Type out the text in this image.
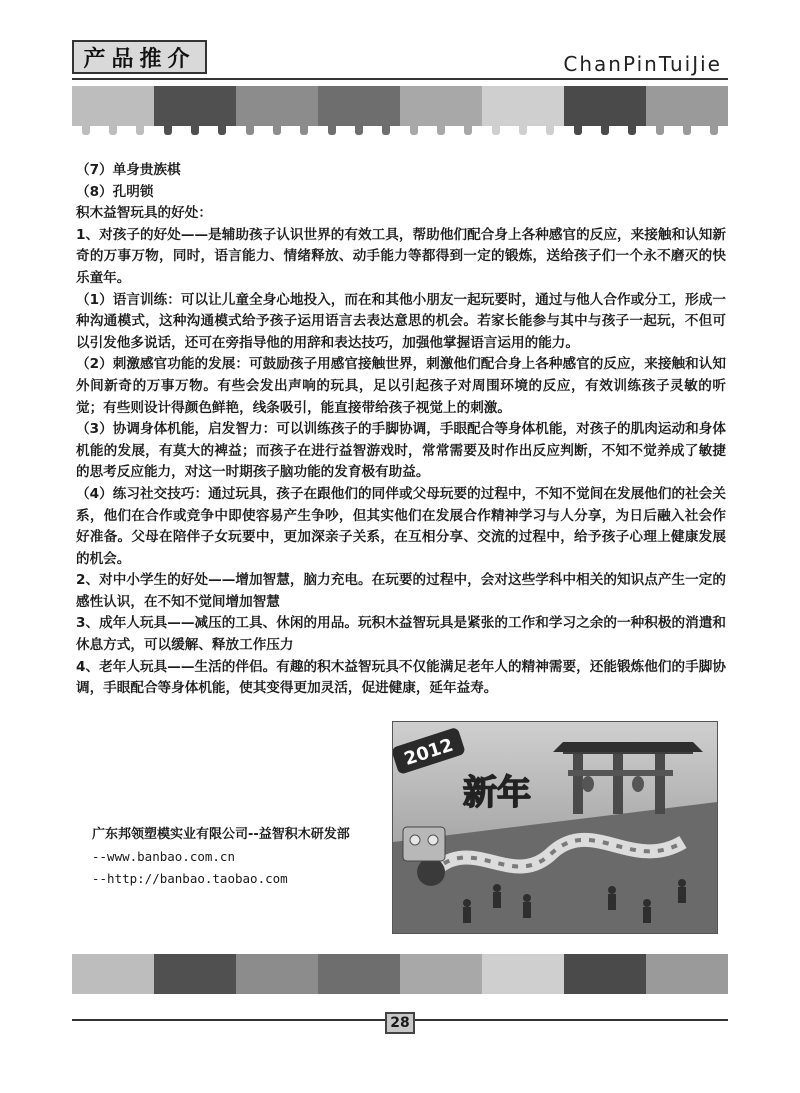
产品推介	ChanPinTuiJie

（7）单身贵族棋

（8）孔明锁

积木益智玩具的好处：

1、对孩子的好处——是辅助孩子认识世界的有效工具，帮助他们配合身上各种感官的反应，来接触和认知新奇的万事万物，同时，语言能力、情绪释放、动手能力等都得到一定的锻炼，送给孩子们一个永不磨灭的快乐童年。

（1）语言训练：可以让儿童全身心地投入，而在和其他小朋友一起玩要时，通过与他人合作或分工，形成一种沟通模式，这种沟通模式给予孩子运用语言去表达意思的机会。若家长能参与其中与孩子一起玩，不但可以引发他多说话，还可在旁指导他的用辞和表达技巧，加强他掌握语言运用的能力。

（2）刺激感官功能的发展：可鼓励孩子用感官接触世界，刺激他们配合身上各种感官的反应，来接触和认知外间新奇的万事万物。有些会发出声响的玩具，足以引起孩子对周围环境的反应，有效训练孩子灵敏的听觉；有些则设计得颜色鲜艳，线条吸引，能直接带给孩子视觉上的刺激。

（3）协调身体机能，启发智力：可以训练孩子的手脚协调，手眼配合等身体机能，对孩子的肌肉运动和身体机能的发展，有莫大的裨益；而孩子在进行益智游戏时，常常需要及时作出反应判断，不知不觉养成了敏捷的思考反应能力，对这一时期孩子脑功能的发育极有助益。

（4）练习社交技巧：通过玩具，孩子在跟他们的同伴或父母玩要的过程中，不知不觉间在发展他们的社会关系，他们在合作或竞争中即使容易产生争吵，但其实他们在发展合作精神学习与人分享，为日后融入社会作好准备。父母在陪伴子女玩要中，更加深亲子关系，在互相分享、交流的过程中，给予孩子心理上健康发展的机会。

2、对中小学生的好处——增加智慧，脑力充电。在玩要的过程中，会对这些学科中相关的知识点产生一定的感性认识，在不知不觉间增加智慧

3、成年人玩具——减压的工具、休闲的用品。玩积木益智玩具是紧张的工作和学习之余的一种积极的消遣和休息方式，可以缓解、释放工作压力

4、老年人玩具——生活的伴侣。有趣的积木益智玩具不仅能满足老年人的精神需要，还能锻炼他们的手脚协调，手眼配合等身体机能，使其变得更加灵活，促进健康，延年益寿。

广东邦领塑模实业有限公司--益智积木研发部
--www.banbao.com.cn
--http://banbao.taobao.com
2012
新年
28
